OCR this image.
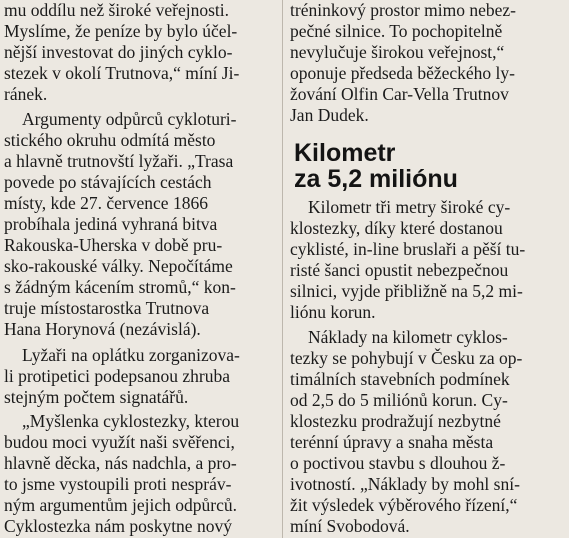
mu oddílu než široké veřejnosti.
Myslíme, že peníze by bylo účel-
nější investovat do jiných cyklo-
stezek v okolí Trutnova,“ míní Ji-
ránek.
Argumenty odpůrců cykloturi-
stického okruhu odmítá město
a hlavně trutnovští lyžaři. „Trasa
povede po stávajících cestách
místy, kde 27. července 1866
probíhala jediná vyhraná bitva
Rakouska-Uherska v době pru-
sko-rakouské války. Nepočítáme
s žádným kácením stromů,“ kon-
truje místostarostka Trutnova
Hana Horynová (nezávislá).
Lyžaři na oplátku zorganizova-
li protipetici podepsanou zhruba
stejným počtem signatářů.
„Myšlenka cyklostezky, kterou
budou moci využít naši svěřenci,
hlavně děcka, nás nadchla, a pro-
to jsme vystoupili proti nespráv-
ným argumentům jejich odpůrců.
Cyklostezka nám poskytne nový
tréninkový prostor mimo nebez-
pečné silnice. To pochopitelně
nevylučuje širokou veřejnost,“
oponuje předseda běžeckého ly-
žování Olfin Car-Vella Trutnov
Jan Dudek.
Kilometr
za 5,2 miliónu
Kilometr tři metry široké cy-
klostezky, díky které dostanou
cyklisté, in-line bruslaři a pěší tu-
risté šanci opustit nebezpečnou
silnici, vyjde přibližně na 5,2 mi-
liónu korun.
Náklady na kilometr cyklos-
tezky se pohybují v Česku za op-
timálních stavebních podmínek
od 2,5 do 5 miliónů korun. Cy-
klostezku prodražují nezbytné
terénní úpravy a snaha města
o poctivou stavbu s dlouhou ž-
ivotností. „Náklady by mohl sní-
žit výsledek výběrového řízení,“
míní Svobodová.
